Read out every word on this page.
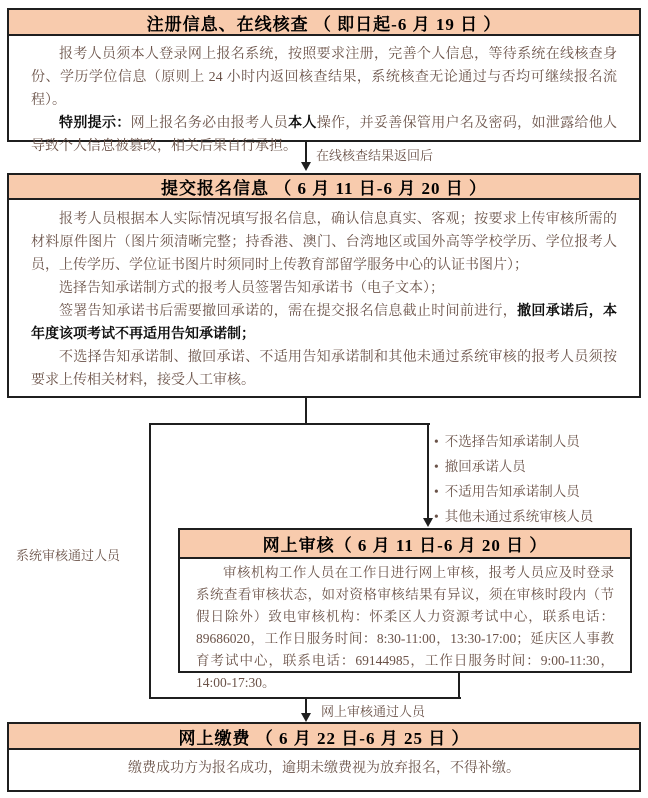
注册信息、在线核查 （ 即日起-6 月 19 日 ）

报考人员须本人登录网上报名系统，按照要求注册，完善个人信息，等待系统在线核查身份、学历学位信息（原则上 24 小时内返回核查结果，系统核查无论通过与否均可继续报名流程）。

特别提示：网上报名务必由报考人员本人操作，并妥善保管用户名及密码，如泄露给他人导致个人信息被篡改，相关后果自行承担。

在线核查结果返回后
提交报名信息 （ 6 月 11 日-6 月 20 日 ）

报考人员根据本人实际情况填写报名信息，确认信息真实、客观；按要求上传审核所需的材料原件图片（图片须清晰完整；持香港、澳门、台湾地区或国外高等学校学历、学位报考人员，上传学历、学位证书图片时须同时上传教育部留学服务中心的认证书图片）；

选择告知承诺制方式的报考人员签署告知承诺书（电子文本）；

签署告知承诺书后需要撤回承诺的，需在提交报名信息截止时间前进行，撤回承诺后，本年度该项考试不再适用告知承诺制；

不选择告知承诺制、撤回承诺、不适用告知承诺制和其他未通过系统审核的报考人员须按要求上传相关材料，接受人工审核。

• 不选择告知承诺制人员
• 撤回承诺人员
• 不适用告知承诺制人员
• 其他未通过系统审核人员
系统审核通过人员
网上审核（ 6 月 11 日-6 月 20 日 ）

审核机构工作人员在工作日进行网上审核，报考人员应及时登录系统查看审核状态，如对资格审核结果有异议，须在审核时段内（节假日除外）致电审核机构：怀柔区人力资源考试中心，联系电话：89686020，工作日服务时间：8:30-11:00，13:30-17:00；延庆区人事教育考试中心，联系电话：69144985，工作日服务时间：9:00-11:30，14:00-17:30。

网上审核通过人员
网上缴费 （ 6 月 22 日-6 月 25 日 ）

缴费成功方为报名成功，逾期未缴费视为放弃报名，不得补缴。
